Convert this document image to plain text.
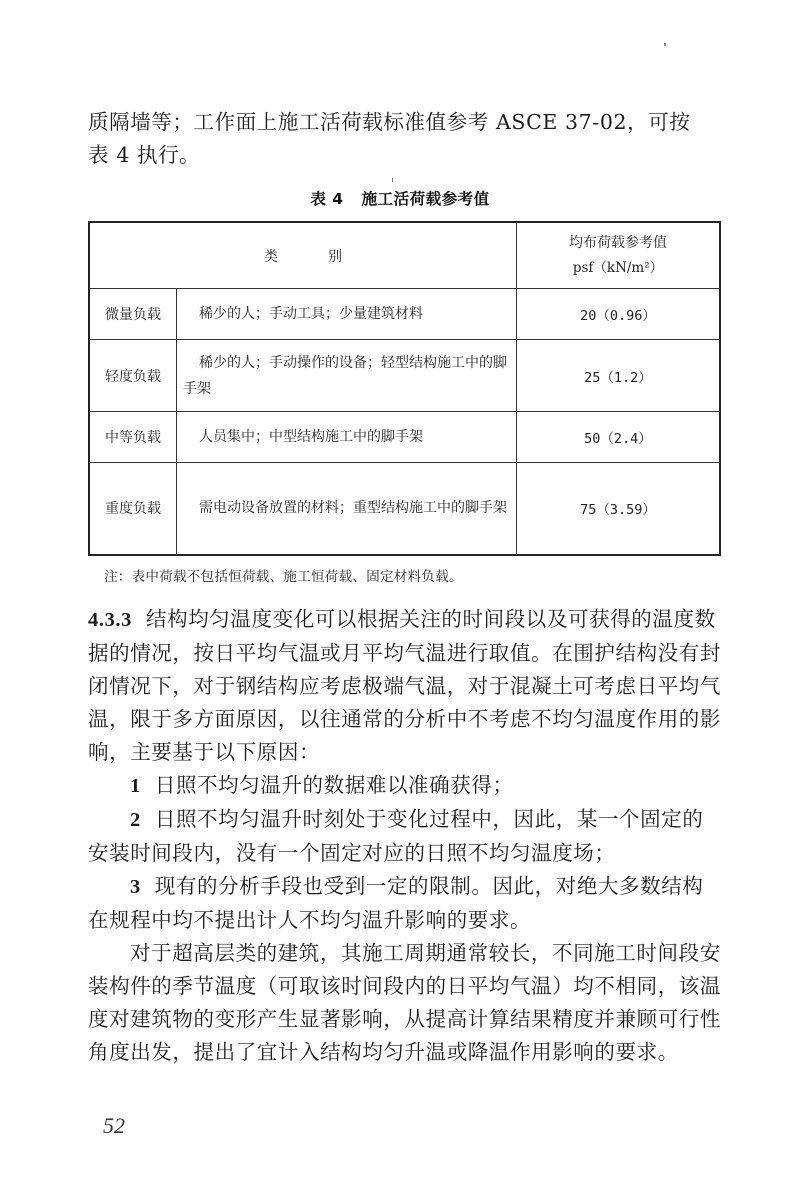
质隔墙等；工作面上施工活荷载标准值参考 ASCE 37-02，可按
表 4 执行。
表 4 施工活荷载参考值
类 别		均布荷载参考值
psf（kN/m²）

微量负载	稀少的人；手动工具；少量建筑材料	20（0.96）
轻度负载	稀少的人；手动操作的设备；轻型结构施工中的脚手架	25（1.2）
中等负载	人员集中；中型结构施工中的脚手架	50（2.4）
重度负载	需电动设备放置的材料；重型结构施工中的脚手架	75（3.59）
注：表中荷载不包括恒荷载、施工恒荷载、固定材料负载。
4.3.3 结构均匀温度变化可以根据关注的时间段以及可获得的温度数据的情况，按日平均气温或月平均气温进行取值。在围护结构没有封闭情况下，对于钢结构应考虑极端气温，对于混凝土可考虑日平均气温，限于多方面原因，以往通常的分析中不考虑不均匀温度作用的影响，主要基于以下原因：
1 日照不均匀温升的数据难以准确获得；
2 日照不均匀温升时刻处于变化过程中，因此，某一个固定的安装时间段内，没有一个固定对应的日照不均匀温度场；
3 现有的分析手段也受到一定的限制。因此，对绝大多数结构在规程中均不提出计人不均匀温升影响的要求。
对于超高层类的建筑，其施工周期通常较长，不同施工时间段安装构件的季节温度（可取该时间段内的日平均气温）均不相同，该温度对建筑物的变形产生显著影响，从提高计算结果精度并兼顾可行性角度出发，提出了宜计入结构均匀升温或降温作用影响的要求。
52
